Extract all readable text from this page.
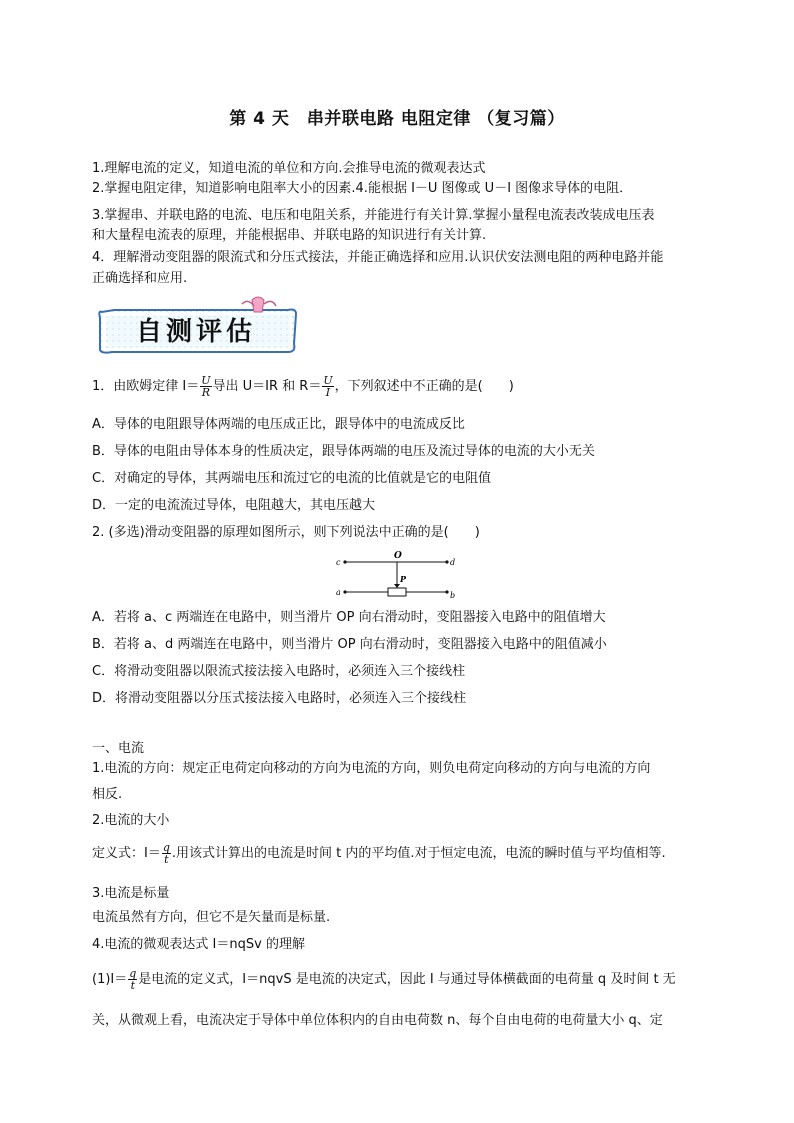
第 4 天　串并联电路 电阻定律 （复习篇）
1.理解电流的定义，知道电流的单位和方向.会推导电流的微观表达式
2.掌握电阻定律，知道影响电阻率大小的因素.4.能根据 I－U 图像或 U－I 图像求导体的电阻．
3.掌握串、并联电路的电流、电压和电阻关系，并能进行有关计算.掌握小量程电流表改装成电压表
和大量程电流表的原理，并能根据串、并联电路的知识进行有关计算.
4．理解滑动变阻器的限流式和分压式接法，并能正确选择和应用.认识伏安法测电阻的两种电路并能
正确选择和应用.
自测评估
1．由欧姆定律 $I= \frac{U}{R}$ 导出 U＝IR 和 $R= \frac{U}{I}$ ，下列叙述中不正确的是(　　)
A．导体的电阻跟导体两端的电压成正比，跟导体中的电流成反比
B．导体的电阻由导体本身的性质决定，跟导体两端的电压及流过导体的电流的大小无关
C．对确定的导体，其两端电压和流过它的电流的比值就是它的电阻值
D．一定的电流流过导体，电阻越大，其电压越大
2. (多选)滑动变阻器的原理如图所示，则下列说法中正确的是(　　)
c	d
a	b
O
P
A．若将 a、c 两端连在电路中，则当滑片 OP 向右滑动时，变阻器接入电路中的阻值增大
B．若将 a、d 两端连在电路中，则当滑片 OP 向右滑动时，变阻器接入电路中的阻值减小
C．将滑动变阻器以限流式接法接入电路时，必须连入三个接线柱
D．将滑动变阻器以分压式接法接入电路时，必须连入三个接线柱
一、电流
1.电流的方向：规定正电荷定向移动的方向为电流的方向，则负电荷定向移动的方向与电流的方向
相反.
2.电流的大小
定义式：$I= \frac{q}{t}$ .用该式计算出的电流是时间 t 内的平均值.对于恒定电流，电流的瞬时值与平均值相等.
3.电流是标量
电流虽然有方向，但它不是矢量而是标量.
4.电流的微观表达式 I＝nqSv 的理解
$(1)I= \frac{q}{t}$ 是电流的定义式，I＝nqvS 是电流的决定式，因此 I 与通过导体横截面的电荷量 q 及时间 t 无
关，从微观上看，电流决定于导体中单位体积内的自由电荷数 n、每个自由电荷的电荷量大小 q、定
